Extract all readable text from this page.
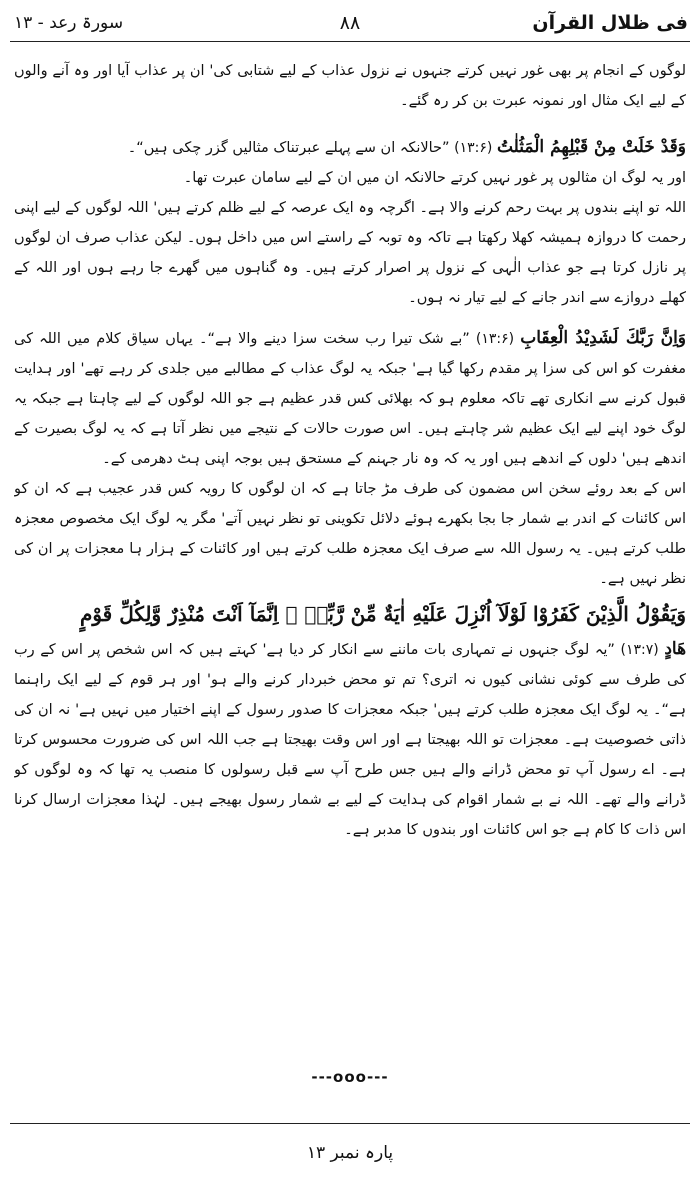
فی ظلال القرآن
۸۸
سورۃ رعد - ۱۳

لوگوں کے انجام پر بھی غور نہیں کرتے جنہوں نے نزول عذاب کے لیے شتابی کی' ان پر عذاب آیا اور وہ آنے والوں کے لیے ایک مثال اور نمونہ عبرت بن کر رہ گئے۔

وَقَدْ خَلَتْ مِنْ قَبْلِهِمُ الْمَثُلٰتُ (۱۳:۶) ”حالانکہ ان سے پہلے عبرتناک مثالیں گزر چکی ہیں“۔

اور یہ لوگ ان مثالوں پر غور نہیں کرتے حالانکہ ان میں ان کے لیے سامان عبرت تھا۔

اللہ تو اپنے بندوں پر بہت رحم کرنے والا ہے۔ اگرچہ وہ ایک عرصہ کے لیے ظلم کرتے ہیں' اللہ لوگوں کے لیے اپنی رحمت کا دروازہ ہمیشہ کھلا رکھتا ہے تاکہ وہ توبہ کے راستے اس میں داخل ہوں۔ لیکن عذاب صرف ان لوگوں پر نازل کرتا ہے جو عذاب الٰہی کے نزول پر اصرار کرتے ہیں۔ وہ گناہوں میں گھرے جا رہے ہوں اور اللہ کے کھلے دروازے سے اندر جانے کے لیے تیار نہ ہوں۔

وَاِنَّ رَبَّكَ لَشَدِيْدُ الْعِقَابِ (۱۳:۶) ”بے شک تیرا رب سخت سزا دینے والا ہے“۔ یہاں سیاق کلام میں اللہ کی مغفرت کو اس کی سزا پر مقدم رکھا گیا ہے' جبکہ یہ لوگ عذاب کے مطالبے میں جلدی کر رہے تھے' اور ہدایت قبول کرنے سے انکاری تھے تاکہ معلوم ہو کہ بھلائی کس قدر عظیم ہے جو اللہ لوگوں کے لیے چاہتا ہے جبکہ یہ لوگ خود اپنے لیے ایک عظیم شر چاہتے ہیں۔ اس صورت حالات کے نتیجے میں نظر آتا ہے کہ یہ لوگ بصیرت کے اندھے ہیں' دلوں کے اندھے ہیں اور یہ کہ وہ نار جہنم کے مستحق ہیں بوجہ اپنی ہٹ دھرمی کے۔

اس کے بعد روئے سخن اس مضمون کی طرف مڑ جاتا ہے کہ ان لوگوں کا رویہ کس قدر عجیب ہے کہ ان کو اس کائنات کے اندر بے شمار جا بجا بکھرے ہوئے دلائل تکوینی تو نظر نہیں آتے' مگر یہ لوگ ایک مخصوص معجزہ طلب کرتے ہیں۔ یہ رسول اللہ سے صرف ایک معجزہ طلب کرتے ہیں اور کائنات کے ہزار ہا معجزات پر ان کی نظر نہیں ہے۔

وَيَقُوْلُ الَّذِيْنَ كَفَرُوْا لَوْلَآ اُنْزِلَ عَلَيْهِ اٰيَةٌ مِّنْ رَّبِّهٖ ۭ اِنَّمَآ اَنْتَ مُنْذِرٌ وَّلِكُلِّ قَوْمٍ

هَادٍ (۱۳:۷) ”یہ لوگ جنہوں نے تمہاری بات ماننے سے انکار کر دیا ہے' کہتے ہیں کہ اس شخص پر اس کے رب کی طرف سے کوئی نشانی کیوں نہ اتری؟ تم تو محض خبردار کرنے والے ہو' اور ہر قوم کے لیے ایک راہنما ہے“۔ یہ لوگ ایک معجزہ طلب کرتے ہیں' جبکہ معجزات کا صدور رسول کے اپنے اختیار میں نہیں ہے' نہ ان کی ذاتی خصوصیت ہے۔ معجزات تو اللہ بھیجتا ہے اور اس وقت بھیجتا ہے جب اللہ اس کی ضرورت محسوس کرتا ہے۔ اے رسول آپ تو محض ڈرانے والے ہیں جس طرح آپ سے قبل رسولوں کا منصب یہ تھا کہ وہ لوگوں کو ڈرانے والے تھے۔ اللہ نے بے شمار اقوام کی ہدایت کے لیے بے شمار رسول بھیجے ہیں۔ لہٰذا معجزات ارسال کرنا اس ذات کا کام ہے جو اس کائنات اور بندوں کا مدبر ہے۔

---ooo---
پارہ نمبر ۱۳
